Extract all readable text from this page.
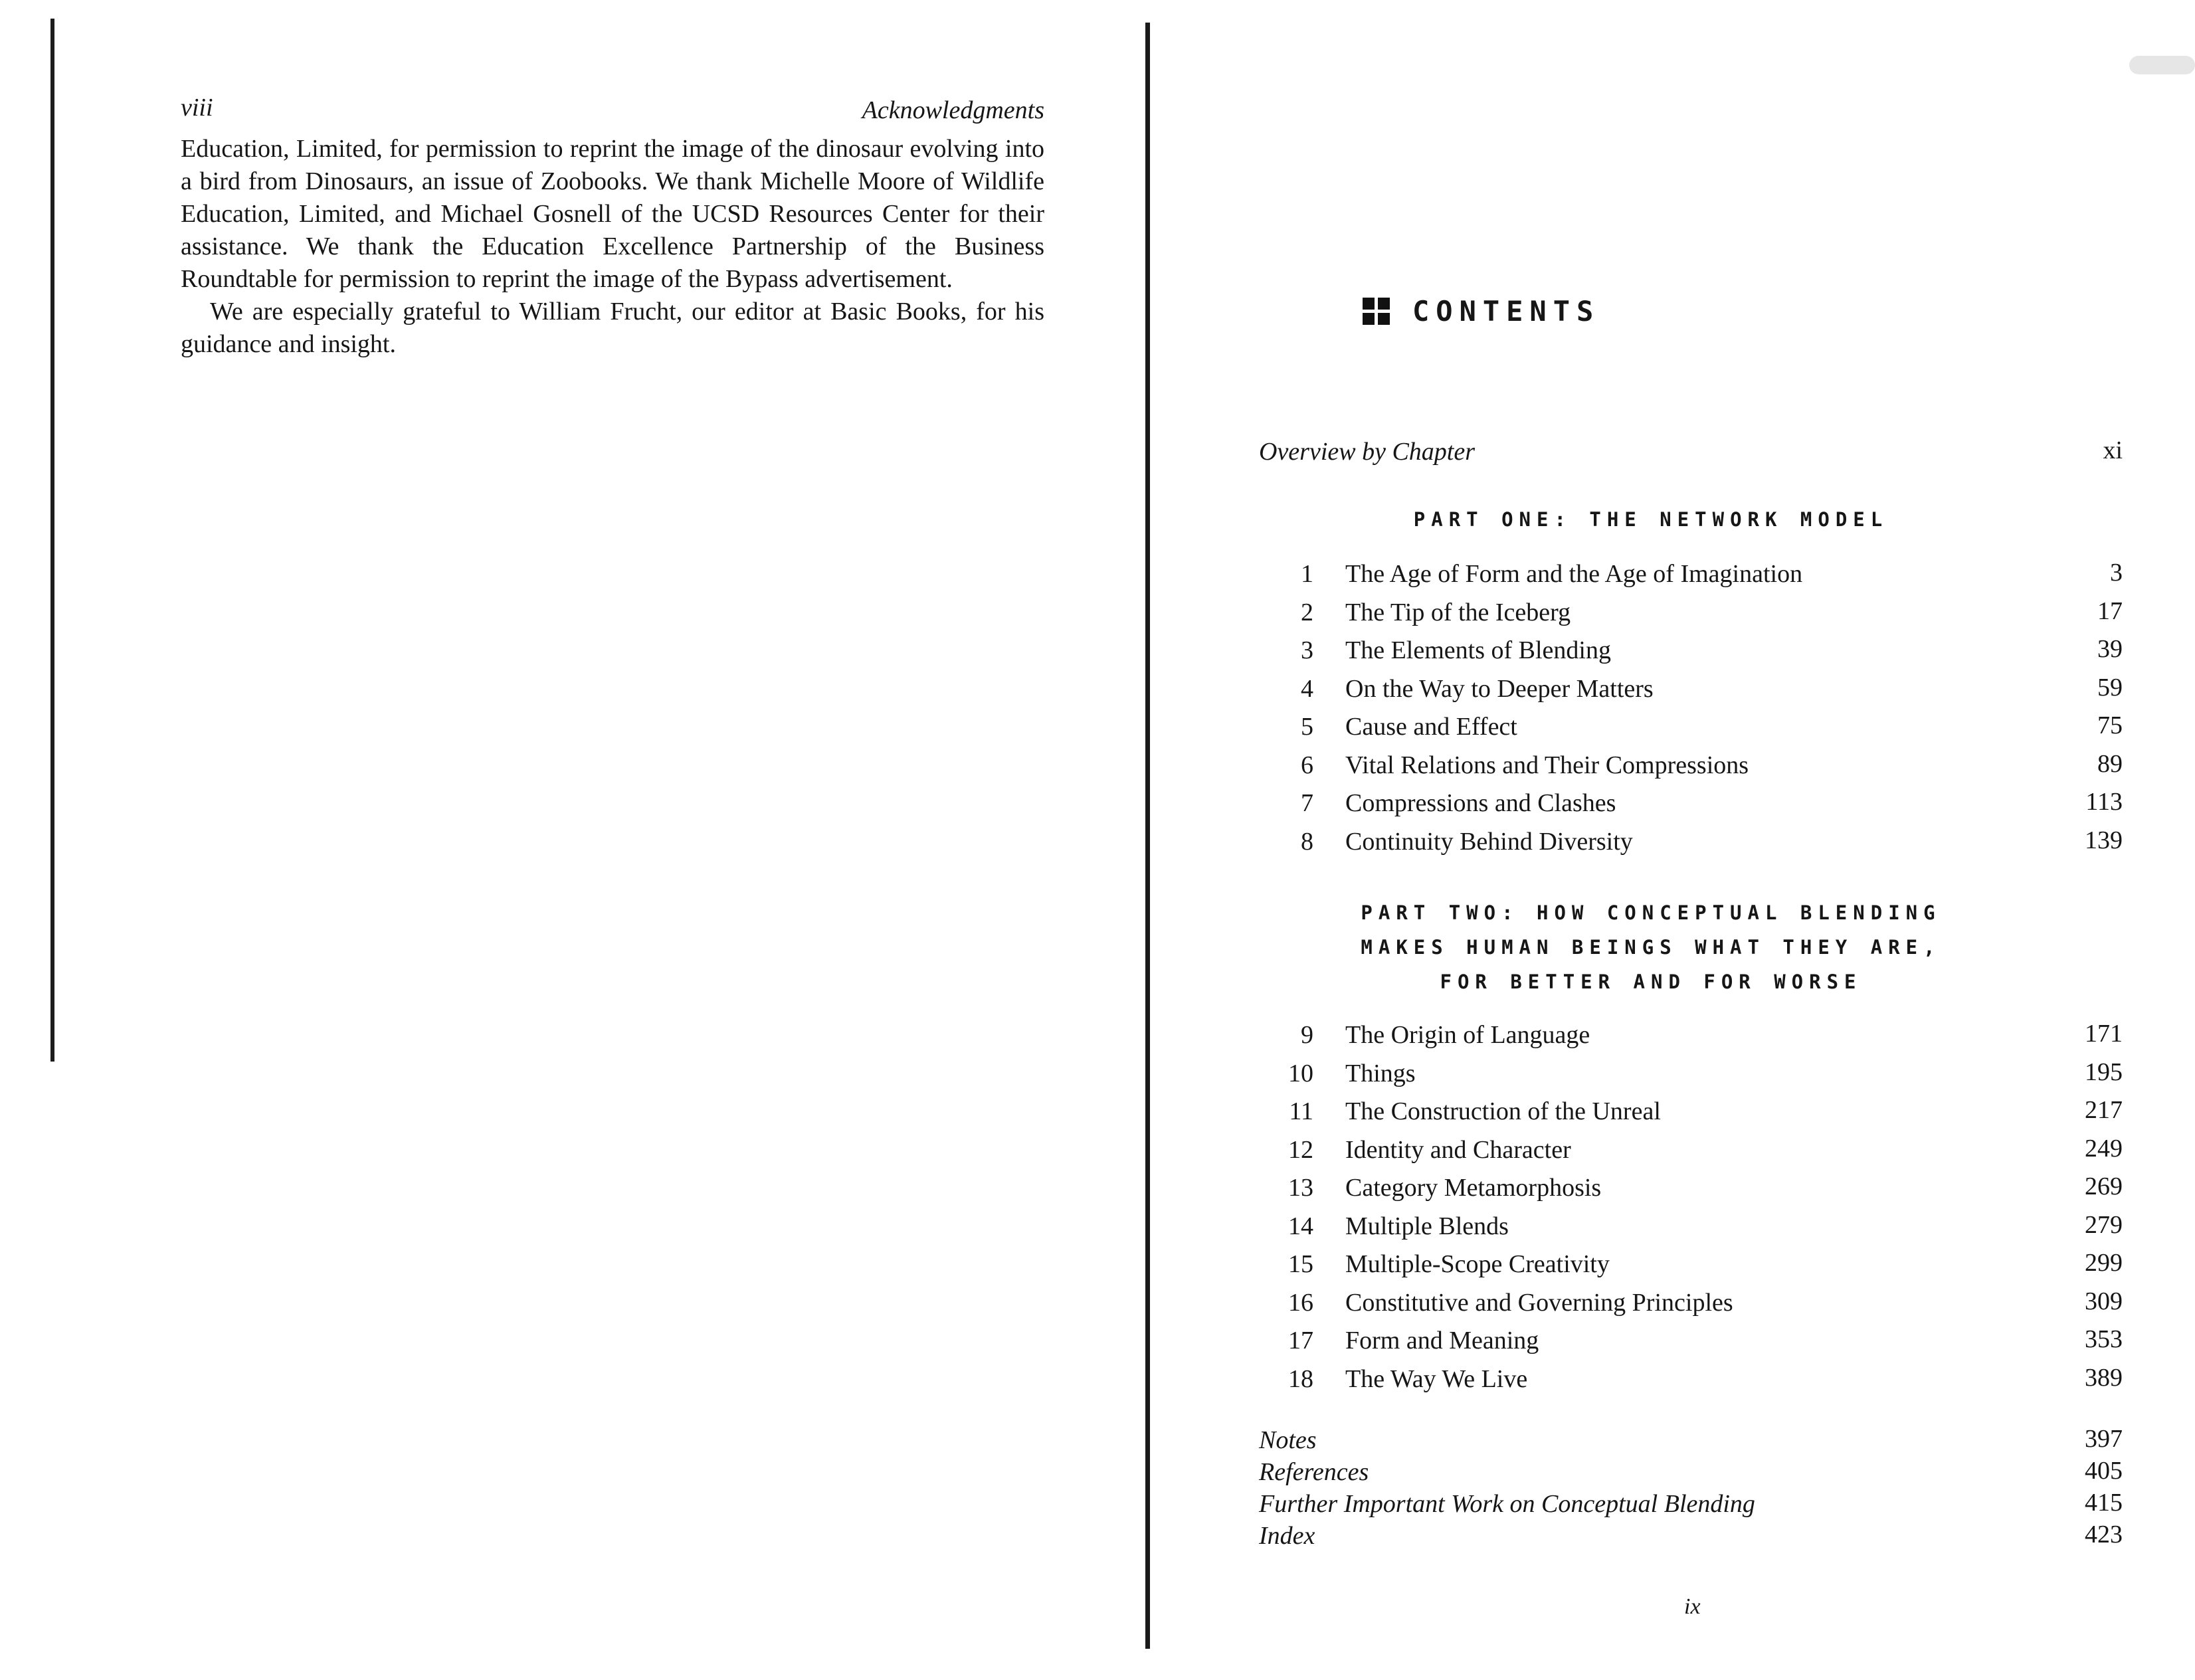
viii	Acknowledgments

Education, Limited, for permission to reprint the image of the dinosaur evolving into a bird from Dinosaurs, an issue of Zoobooks. We thank Michelle Moore of Wildlife Education, Limited, and Michael Gosnell of the UCSD Resources Center for their assistance. We thank the Education Excellence Partnership of the Business Roundtable for permission to reprint the image of the Bypass advertisement.

We are especially grateful to William Frucht, our editor at Basic Books, for his guidance and insight.

CONTENTS
Overview by Chapter	xi
PART ONE: THE NETWORK MODEL
1 The Age of Form and the Age of Imagination	3
2 The Tip of the Iceberg	17
3 The Elements of Blending	39
4 On the Way to Deeper Matters	59
5 Cause and Effect	75
6 Vital Relations and Their Compressions	89
7 Compressions and Clashes	113
8 Continuity Behind Diversity	139
PART TWO: HOW CONCEPTUAL BLENDING
MAKES HUMAN BEINGS WHAT THEY ARE,
FOR BETTER AND FOR WORSE
9 The Origin of Language	171
10 Things	195
11 The Construction of the Unreal	217
12 Identity and Character	249
13 Category Metamorphosis	269
14 Multiple Blends	279
15 Multiple-Scope Creativity	299
16 Constitutive and Governing Principles	309
17 Form and Meaning	353
18 The Way We Live	389
Notes	397
References	405
Further Important Work on Conceptual Blending	415
Index	423
ix
